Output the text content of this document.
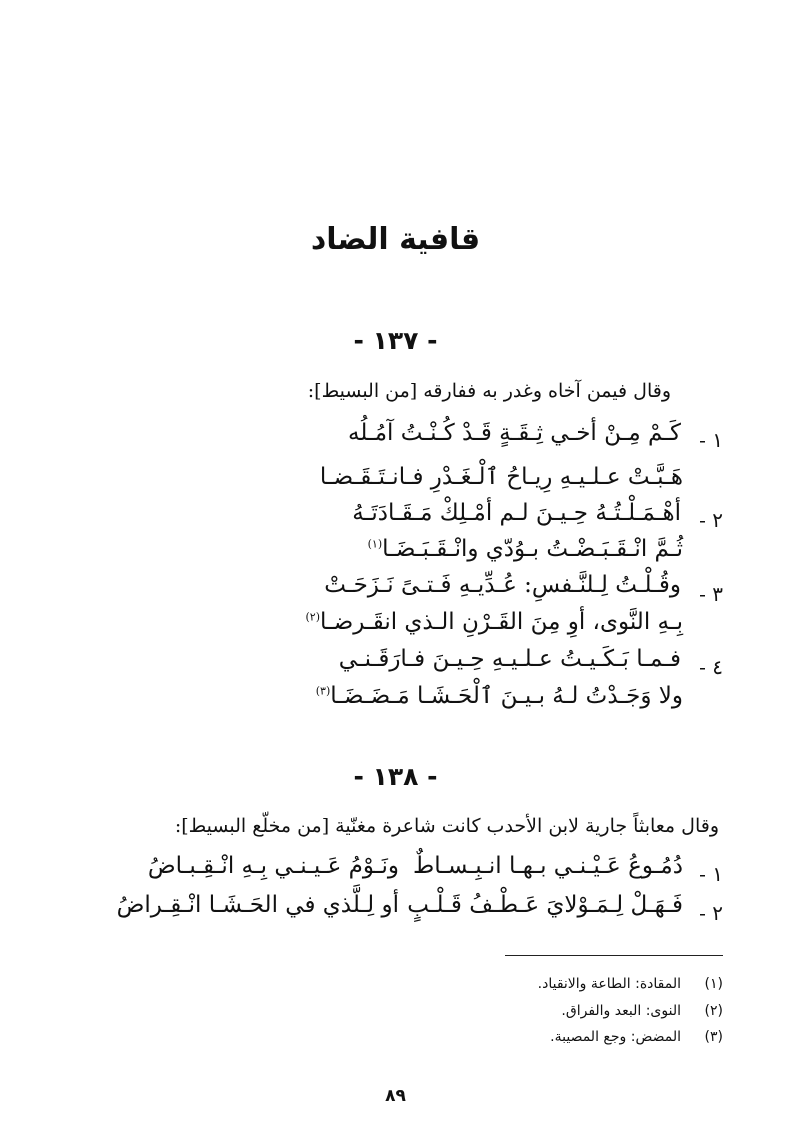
قافية الضاد
- ١٣٧ -
وقال فيمن آخاه وغدر به ففارقه [من البسيط]:
١ -
كَـمْ مِـنْ أخـي ثِـقَـةٍ قَـدْ كُـنْـتُ آمُـلُه
هَـبَّـتْ عـلـيـهِ رِيـاحُ ٱلْـغَـدْرِ فـانـتَـقَـضـا
٢ -
أهْـمَـلْـتُـهُ حِـيـنَ لـم أمْـلِكْ مَـقَـادَتَـهُ
ثُـمَّ انْـقَـبَـضْـتُ بـوُدّي وانْـقَـبَـضَـا$^{(١)}$
٣ -
وقُـلْـتُ لِـلنَّـفسِ: عُـدِّيـهِ فَـتـىً نَـزَحَـتْ
بِـهِ النَّوى، أوِ مِنَ القَـرْنِ الـذي انقَـرضـا$^{(٢)}$
٤ -
فـمـا بَـكَـيـتُ عـلـيـهِ حِـيـنَ فـارَقَـنـي
ولا وَجَـدْتُ لـهُ بـيـنَ ٱلْحَـشَـا مَـضَـضَـا$^{(٣)}$
- ١٣٨ -
وقال معابثاً جارية لابن الأحدب كانت شاعرة مغنّية [من مخلّع البسيط]:
١ -
دُمُـوعُ عَـيْـنـي بـهـا انـبِـسـاطٌ
ونَـوْمُ عَـيـنـي بِـهِ انْـقِـبـاضُ
٢ -
فَـهَـلْ لِـمَـوْلايَ عَـطْـفُ قَـلْـبٍ
أو لِـلَّذي في الحَـشَـا انْـقِـراضُ
(١)المقادة: الطاعة والانقياد.
(٢)النوى: البعد والفراق.
(٣)المضض: وجع المصيبة.
٨٩
